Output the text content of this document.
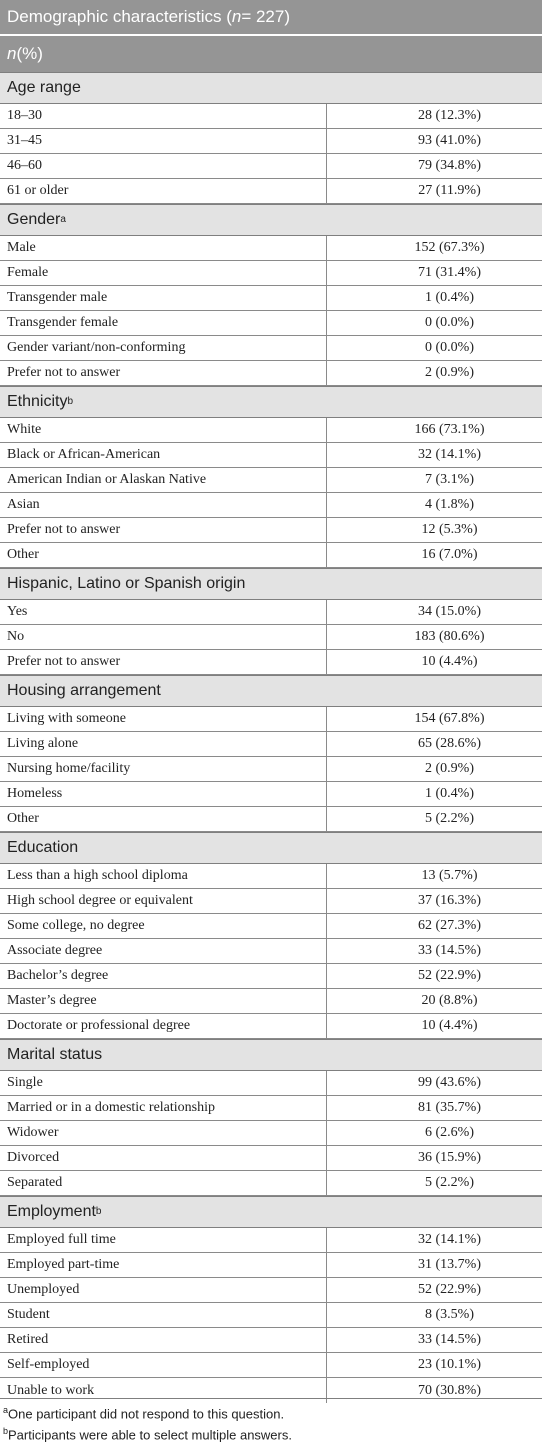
Demographic characteristics ( n = 227)
n (%)
Age range
18–30	28 (12.3%)
31–45	93 (41.0%)
46–60	79 (34.8%)
61 or older	27 (11.9%)
Gender a
Male	152 (67.3%)
Female	71 (31.4%)
Transgender male	1 (0.4%)
Transgender female	0 (0.0%)
Gender variant/non-conforming	0 (0.0%)
Prefer not to answer	2 (0.9%)
Ethnicity b
White	166 (73.1%)
Black or African-American	32 (14.1%)
American Indian or Alaskan Native	7 (3.1%)
Asian	4 (1.8%)
Prefer not to answer	12 (5.3%)
Other	16 (7.0%)
Hispanic, Latino or Spanish origin
Yes	34 (15.0%)
No	183 (80.6%)
Prefer not to answer	10 (4.4%)
Housing arrangement
Living with someone	154 (67.8%)
Living alone	65 (28.6%)
Nursing home/facility	2 (0.9%)
Homeless	1 (0.4%)
Other	5 (2.2%)
Education
Less than a high school diploma	13 (5.7%)
High school degree or equivalent	37 (16.3%)
Some college, no degree	62 (27.3%)
Associate degree	33 (14.5%)
Bachelor’s degree	52 (22.9%)
Master’s degree	20 (8.8%)
Doctorate or professional degree	10 (4.4%)
Marital status
Single	99 (43.6%)
Married or in a domestic relationship	81 (35.7%)
Widower	6 (2.6%)
Divorced	36 (15.9%)
Separated	5 (2.2%)
Employment b
Employed full time	32 (14.1%)
Employed part-time	31 (13.7%)
Unemployed	52 (22.9%)
Student	8 (3.5%)
Retired	33 (14.5%)
Self-employed	23 (10.1%)
Unable to work	70 (30.8%)
$^a$One participant did not respond to this question.
$^b$Participants were able to select multiple answers.
